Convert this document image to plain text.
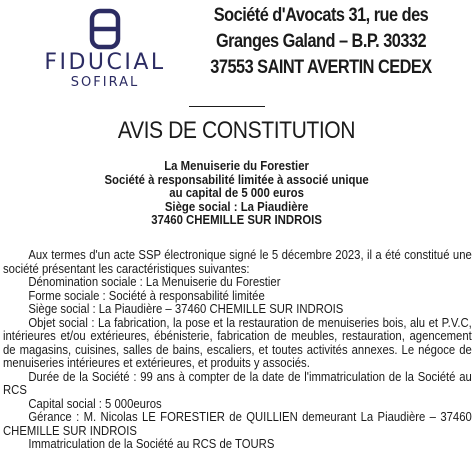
FIDUCIAL
SOFIRAL
Société d'Avocats 31, rue des
Granges Galand – B.P. 30332
37553 SAINT AVERTIN CEDEX
AVIS DE CONSTITUTION
La Menuiserie du Forestier
Société à responsabilité limitée à associé unique
au capital de 5 000 euros
Siège social : La Piaudière
37460 CHEMILLE SUR INDROIS

Aux termes d'un acte SSP électronique signé le 5 décembre 2023, il a été constitué une société présentant les caractéristiques suivantes:

Dénomination sociale : La Menuiserie du Forestier

Forme sociale : Société à responsabilité limitée

Siège social : La Piaudière – 37460 CHEMILLE SUR INDROIS

Objet social : La fabrication, la pose et la restauration de menuiseries bois, alu et P.V.C, intérieures et/ou extérieures, ébénisterie, fabrication de meubles, restauration, agencement de magasins, cuisines, salles de bains, escaliers, et toutes activités annexes. Le négoce de menuiseries intérieures et extérieures, et produits y associés.

Durée de la Société : 99 ans à compter de la date de l'immatriculation de la Société au RCS

Capital social : 5 000euros

Gérance : M. Nicolas LE FORESTIER de QUILLIEN demeurant La Piaudière – 37460 CHEMILLE SUR INDROIS

Immatriculation de la Société au RCS de TOURS
